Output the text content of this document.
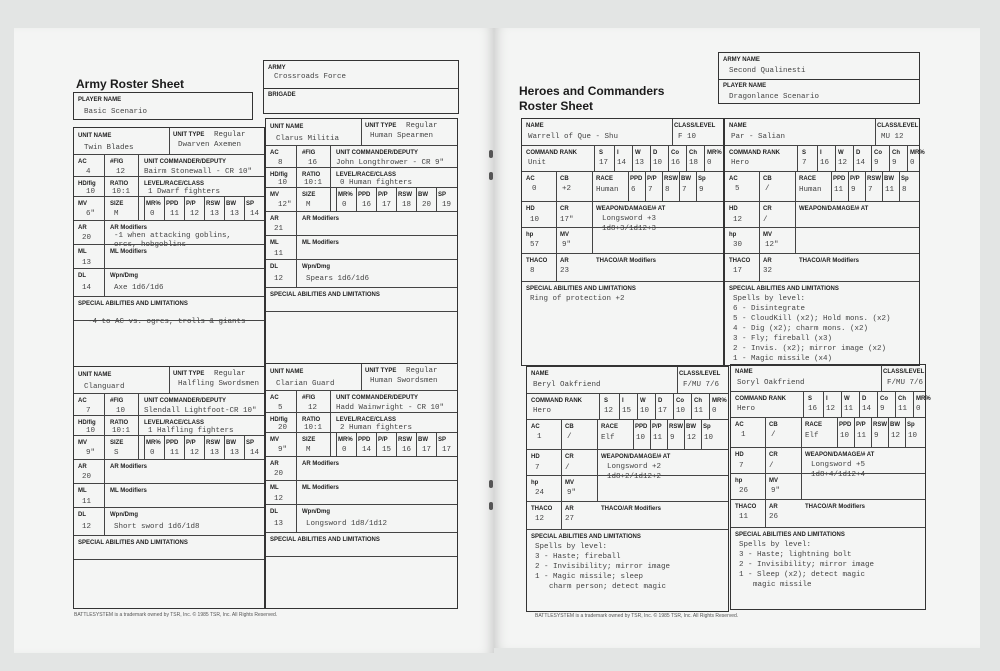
Army Roster Sheet
PLAYER NAME
Basic Scenario
ARMY
Crossroads Force
BRIGADE
UNIT NAME
Twin Blades
UNIT TYPE Regular
Dwarven Axemen
AC
4
#FIG
12
UNIT COMMANDER/DEPUTY
Bairm Stonewall - CR 10"
HD/fig
10
RATIO
10:1
LEVEL/RACE/CLASS
1 Dwarf fighters
MV
6"
SIZE
M
MR%
0
PPD
11
P/P
12
RSW
13
BW
13
SP
14
AR
20
AR Modifiers
-1 when attacking goblins, orcs, hobgoblins
ML
13
ML Modifiers
DL
14
Wpn/Dmg
Axe 1d6/1d6
SPECIAL ABILITIES AND LIMITATIONS
-4 to AC vs. ogres, trolls & giants
UNIT NAME
Clarus Militia
UNIT TYPE Regular
Human Spearmen
AC
8
#FIG
16
UNIT COMMANDER/DEPUTY
John Longthrower - CR 9"
HD/fig
10
RATIO
10:1
LEVEL/RACE/CLASS
0 Human fighters
MV
12"
SIZE
M
MR%
0
PPD
16
P/P
17
RSW
18
BW
20
SP
19
AR
21
AR Modifiers
ML
11
ML Modifiers
DL
12
Wpn/Dmg
Spears 1d6/1d6
SPECIAL ABILITIES AND LIMITATIONS
UNIT NAME
Clanguard
UNIT TYPE Regular
Halfling Swordsmen
AC
7
#FIG
10
UNIT COMMANDER/DEPUTY
Slendall Lightfoot-CR 10"
HD/fig
10
RATIO
10:1
LEVEL/RACE/CLASS
1 Halfling fighters
MV
9"
SIZE
S
MR%
0
PPD
11
P/P
12
RSW
13
BW
13
SP
14
AR
20
AR Modifiers
ML
11
ML Modifiers
DL
12
Wpn/Dmg
Short sword 1d6/1d8
SPECIAL ABILITIES AND LIMITATIONS
UNIT NAME
Clarian Guard
UNIT TYPE Regular
Human Swordsmen
AC
5
#FIG
12
UNIT COMMANDER/DEPUTY
Hadd Wainwright - CR 10"
HD/fig
20
RATIO
10:1
LEVEL/RACE/CLASS
2 Human fighters
MV
9"
SIZE
M
MR%
0
PPD
14
P/P
15
RSW
16
BW
17
SP
17
AR
20
AR Modifiers
ML
12
ML Modifiers
DL
13
Wpn/Dmg
Longsword 1d8/1d12
SPECIAL ABILITIES AND LIMITATIONS
BATTLESYSTEM is a trademark owned by TSR, Inc. © 1985 TSR, Inc. All Rights Reserved.
ARMY NAME
Second Qualinesti
PLAYER NAME
Dragonlance Scenario
Heroes and Commanders
Roster Sheet
NAME
Warrell of Que - Shu
CLASS/LEVEL
F 10
COMMAND RANK
Unit
S
17
I
14
W
13
D
10
Co
16
Ch
18
MR%
0
AC
0
CB
+2
RACE
Human
PPD
6
P/P
7
RSW
8
BW
7
Sp
9
HD
10
CR
17"
WEAPON/DAMAGE/# AT
Longsword +3
1d8+3/1d12+3
hp
57
MV
9"
THACO
8
AR
23
THACO/AR Modifiers
SPECIAL ABILITIES AND LIMITATIONS
Ring of protection +2
NAME
Par - Salian
CLASS/LEVEL
MU 12
COMMAND RANK
Hero
S
7
I
16
W
12
D
14
Co
9
Ch
9
MR%
0
AC
5
CB
/
RACE
Human
PPD
11
P/P
9
RSW
7
BW
11
Sp
8
HD
12
CR
/
WEAPON/DAMAGE/# AT
hp
30
MV
12"
THACO
17
AR
32
THACO/AR Modifiers
SPECIAL ABILITIES AND LIMITATIONS
Spells by level:
6 - Disintegrate
5 - CloudKill (x2); Hold mons. (x2)
4 - Dig (x2); charm mons. (x2)
3 - Fly; fireball (x3)
2 - Invis. (x2); mirror image (x2)
1 - Magic missile (x4)
NAME
Beryl Oakfriend
CLASS/LEVEL
F/MU 7/6
COMMAND RANK
Hero
S
12
I
15
W
10
D
17
Co
10
Ch
11
MR%
0
AC
1
CB
/
RACE
Elf
PPD
10
P/P
11
RSW
9
BW
12
Sp
10
HD
7
CR
/
WEAPON/DAMAGE/# AT
Longsword +2
1d8+2/1d12+2
hp
24
MV
9"
THACO
12
AR
27
THACO/AR Modifiers
SPECIAL ABILITIES AND LIMITATIONS
Spells by level:
3 - Haste; fireball
2 - Invisibility; mirror image
1 - Magic missile; sleep
charm person; detect magic
NAME
Soryl Oakfriend
CLASS/LEVEL
F/MU 7/6
COMMAND RANK
Hero
S
16
I
12
W
11
D
14
Co
9
Ch
11
MR%
0
AC
1
CB
/
RACE
Elf
PPD
10
P/P
11
RSW
9
BW
12
Sp
10
HD
7
CR
/
WEAPON/DAMAGE/# AT
Longsword +5
1d8+4/1d12+4
hp
26
MV
9"
THACO
11
AR
26
THACO/AR Modifiers
SPECIAL ABILITIES AND LIMITATIONS
Spells by level:
3 - Haste; lightning bolt
2 - Invisibility; mirror image
1 - Sleep (x2); detect magic
magic missile
BATTLESYSTEM is a trademark owned by TSR, Inc. © 1985 TSR, Inc. All Rights Reserved.
